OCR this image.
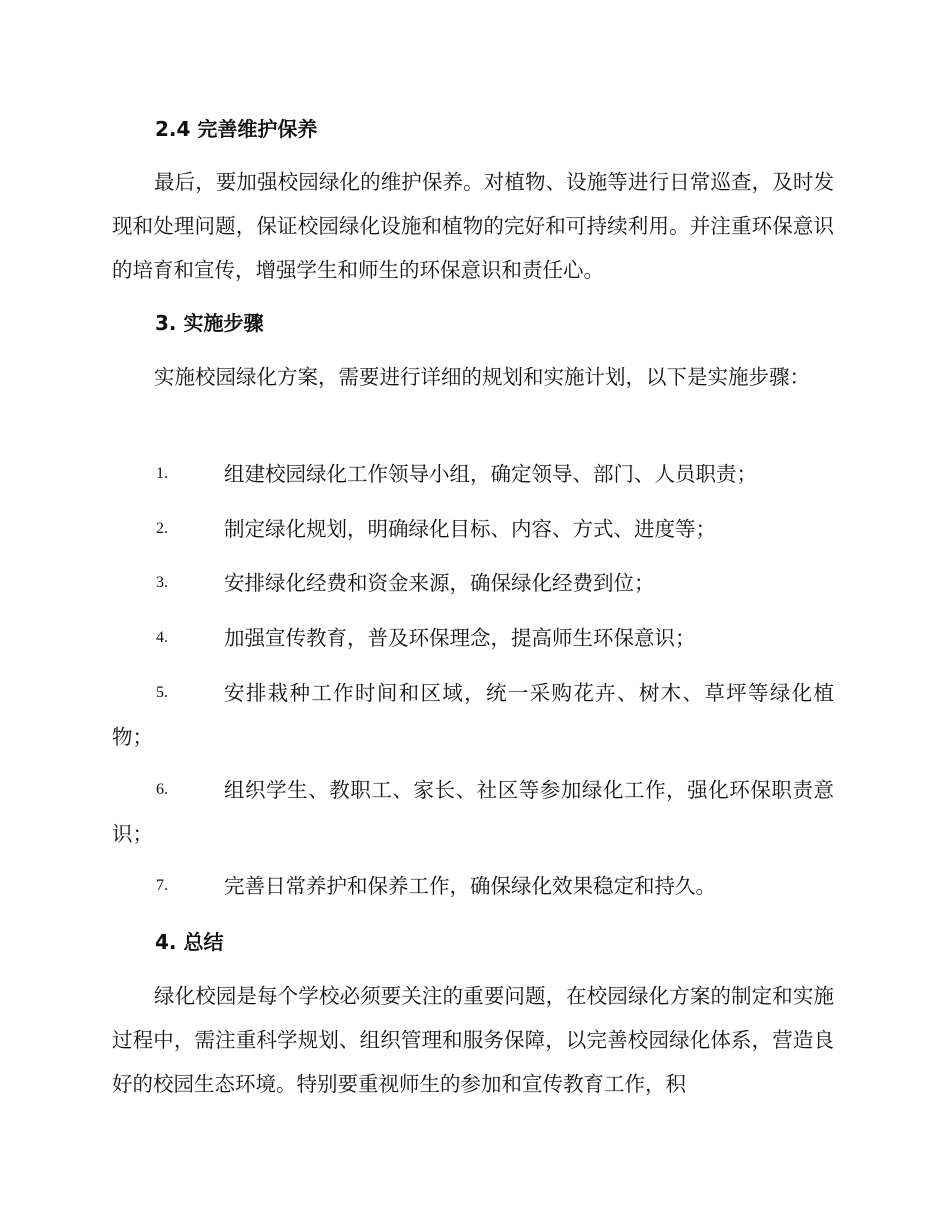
2.4 完善维护保养

最后，要加强校园绿化的维护保养。对植物、设施等进行日常巡查，及时发现和处理问题，保证校园绿化设施和植物的完好和可持续利用。并注重环保意识的培育和宣传，增强学生和师生的环保意识和责任心。

3. 实施步骤

实施校园绿化方案，需要进行详细的规划和实施计划，以下是实施步骤：

1.	组建校园绿化工作领导小组，确定领导、部门、人员职责；
2.	制定绿化规划，明确绿化目标、内容、方式、进度等；
3.	安排绿化经费和资金来源，确保绿化经费到位；
4.	加强宣传教育，普及环保理念，提高师生环保意识；
5.	安排栽种工作时间和区域，统一采购花卉、树木、草坪等绿化植物；
6.	组织学生、教职工、家长、社区等参加绿化工作，强化环保职责意识；
7.	完善日常养护和保养工作，确保绿化效果稳定和持久。
4. 总结

绿化校园是每个学校必须要关注的重要问题，在校园绿化方案的制定和实施过程中，需注重科学规划、组织管理和服务保障，以完善校园绿化体系，营造良好的校园生态环境。特别要重视师生的参加和宣传教育工作，积
